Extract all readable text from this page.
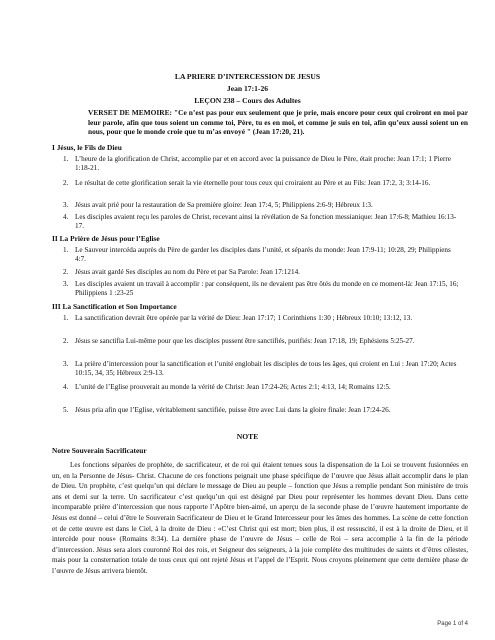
LA PRIERE D’INTERCESSION DE JESUS
Jean 17:1-26
LEÇON 238 – Cours des Adultes
VERSET DE MEMOIRE: "Ce n’est pas pour eux seulement que je prie, mais encore pour ceux qui croiront en moi par leur parole, afin que tous soient un comme toi, Père, tu es en moi, et comme je suis en toi, afin qu’eux aussi soient un en nous, pour que le monde croie que tu m’as envoyé " (Jean 17:20, 21).
I Jésus, le Fils de Dieu
1. L’heure de la glorification de Christ, accomplie par et en accord avec la puissance de Dieu le Père, était proche: Jean 17:1; 1 Pierre 1:18-21.
2. Le résultat de cette glorification serait la vie éternelle pour tous ceux qui croiraient au Père et au Fils: Jean 17:2, 3; 3:14-16.
3. Jésus avait prié pour la restauration de Sa première gloire: Jean 17:4, 5; Philippiens 2:6-9; Hébreux 1:3.
4. Les disciples avaient reçu les paroles de Christ, recevant ainsi la révélation de Sa fonction messianique: Jean 17:6-8; Mathieu 16:13-17.
II La Prière de Jésus pour l’Eglise
1. Le Sauveur intercéda auprès du Père de garder les disciples dans l’unité, et séparés du monde: Jean 17:9-11; 10:28, 29; Philippiens 4:7.
2. Jésus avait gardé Ses disciples au nom du Père et par Sa Parole: Jean 17:1214.
3. Les disciples avaient un travail à accomplir : par conséquent, ils ne devaient pas être ôtés du monde en ce moment-là: Jean 17:15, 16; Philippiens 1 :23-25
III La Sanctification et Son Importance
1. La sanctification devrait être opérée par la vérité de Dieu: Jean 17:17; 1 Corinthiens 1:30 ; Hébreux 10:10; 13:12, 13.
2. Jésus se sanctifia Lui-même pour que les disciples pussent être sanctifiés, purifiés: Jean 17:18, 19; Ephésiens 5:25-27.
3. La prière d’intercession pour la sanctification et l’unité englobait les disciples de tous les âges, qui croient en Lui : Jean 17:20; Actes 10:15, 34, 35; Hébreux 2:9-13.
4. L’unité de l’Eglise prouverait au monde la vérité de Christ: Jean 17:24-26; Actes 2:1; 4:13, 14; Romains 12:5.
5. Jésus pria afin que l’Eglise, véritablement sanctifiée, puisse être avec Lui dans la gloire finale: Jean 17:24-26.
NOTE
Notre Souverain Sacrificateur
Les fonctions séparées de prophète, de sacrificateur, et de roi qui étaient tenues sous la dispensation de la Loi se trouvent fusionnées en un, en la Personne de Jésus- Christ. Chacune de ces fonctions peignait une phase spécifique de l’œuvre que Jésus allait accomplir dans le plan de Dieu. Un prophète, c’est quelqu’un qui déclare le message de Dieu au peuple – fonction que Jésus a remplie pendant Son ministère de trois ans et demi sur la terre. Un sacrificateur c’est quelqu’un qui est désigné par Dieu pour représenter les hommes devant Dieu. Dans cette incomparable prière d’intercession que nous rapporte l’Apôtre bien-aimé, un aperçu de la seconde phase de l’œuvre hautement importante de Jésus est donné – celui d’être le Souverain Sacrificateur de Dieu et le Grand Intercesseur pour les âmes des hommes. La scène de cette fonction et de cette œuvre est dans le Ciel, à la droite de Dieu : «C’est Christ qui est mort; bien plus, il est ressuscité, il est à la droite de Dieu, et il intercède pour nous» (Romains 8:34). La dernière phase de l’œuvre de Jésus – celle de Roi – sera accomplie à la fin de la période d’intercession. Jésus sera alors couronné Roi des rois, et Seigneur des seigneurs, à la joie complète des multitudes de saints et d’êtres célestes, mais pour la consternation totale de tous ceux qui ont rejeté Jésus et l’appel de l’Esprit. Nous croyons pleinement que cette dernière phase de l’œuvre de Jésus arrivera bientôt.
Page 1 of 4
